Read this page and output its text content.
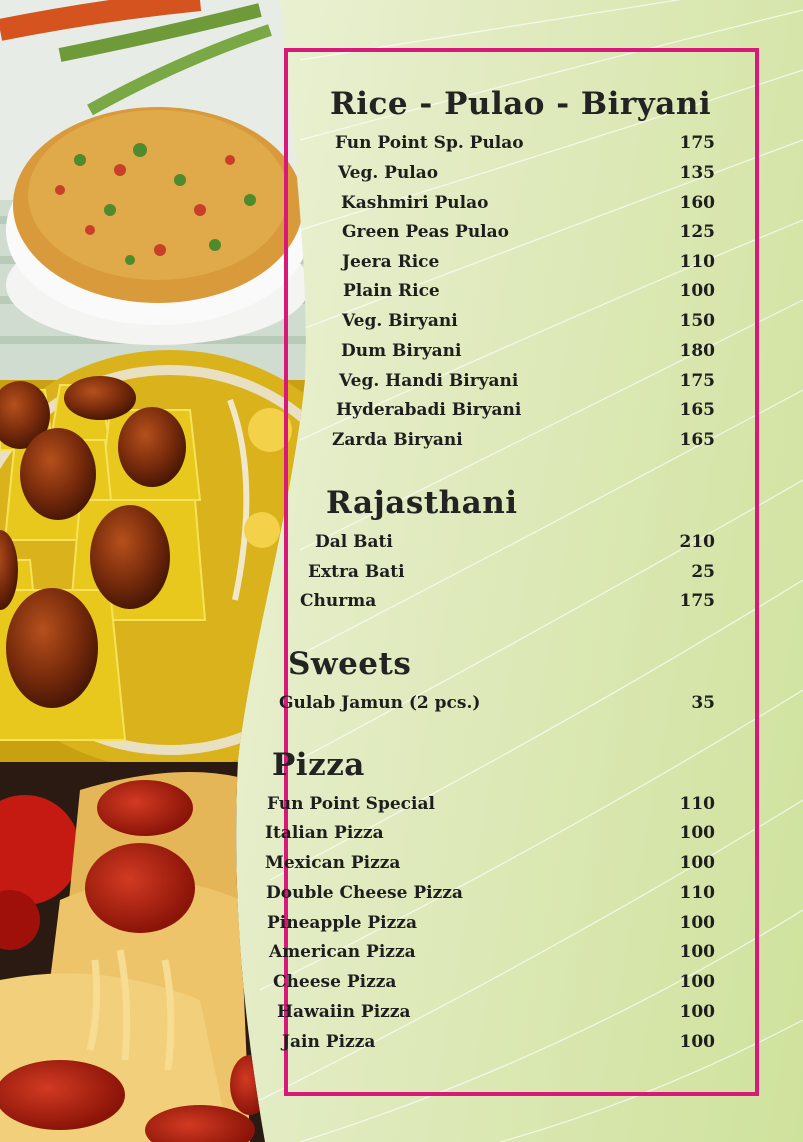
Rice - Pulao - Biryani
Fun Point Sp. Pulao	175
Veg. Pulao	135
Kashmiri Pulao	160
Green Peas Pulao	125
Jeera Rice	110
Plain Rice	100
Veg. Biryani	150
Dum Biryani	180
Veg. Handi Biryani	175
Hyderabadi Biryani	165
Zarda Biryani	165
Rajasthani
Dal Bati	210
Extra Bati	25
Churma	175
Sweets
Gulab Jamun (2 pcs.)	35
Pizza
Fun Point Special	110
Italian Pizza	100
Mexican Pizza	100
Double Cheese Pizza	110
Pineapple Pizza	100
American Pizza	100
Cheese Pizza	100
Hawaiin Pizza	100
Jain Pizza	100
